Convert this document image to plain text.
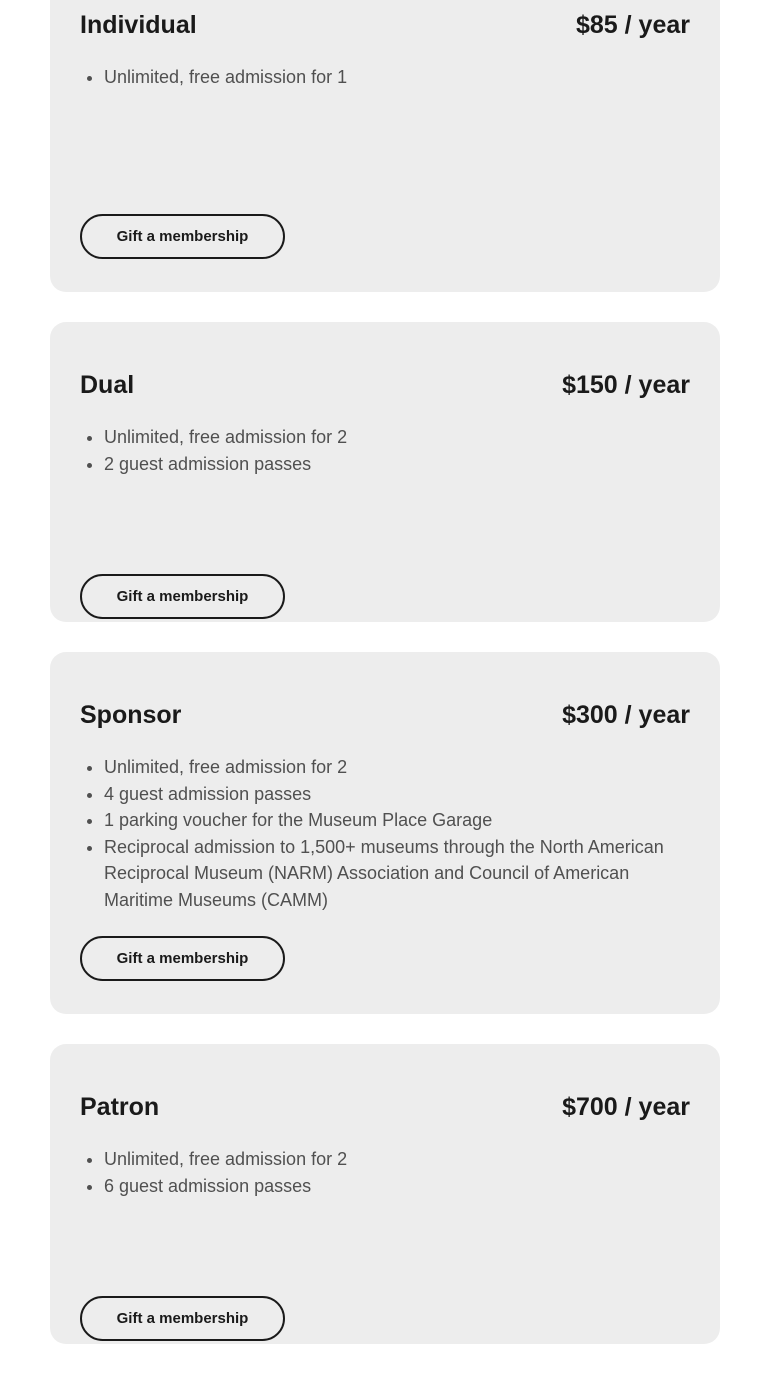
Individual	$85 / year
• Unlimited, free admission for 1
Gift a membership
Dual	$150 / year
• Unlimited, free admission for 2
• 2 guest admission passes
Gift a membership
Sponsor	$300 / year
• Unlimited, free admission for 2
• 4 guest admission passes
• 1 parking voucher for the Museum Place Garage
• Reciprocal admission to 1,500+ museums through the North American Reciprocal Museum (NARM) Association and Council of American Maritime Museums (CAMM)
Gift a membership
Patron	$700 / year
• Unlimited, free admission for 2
• 6 guest admission passes
Gift a membership
